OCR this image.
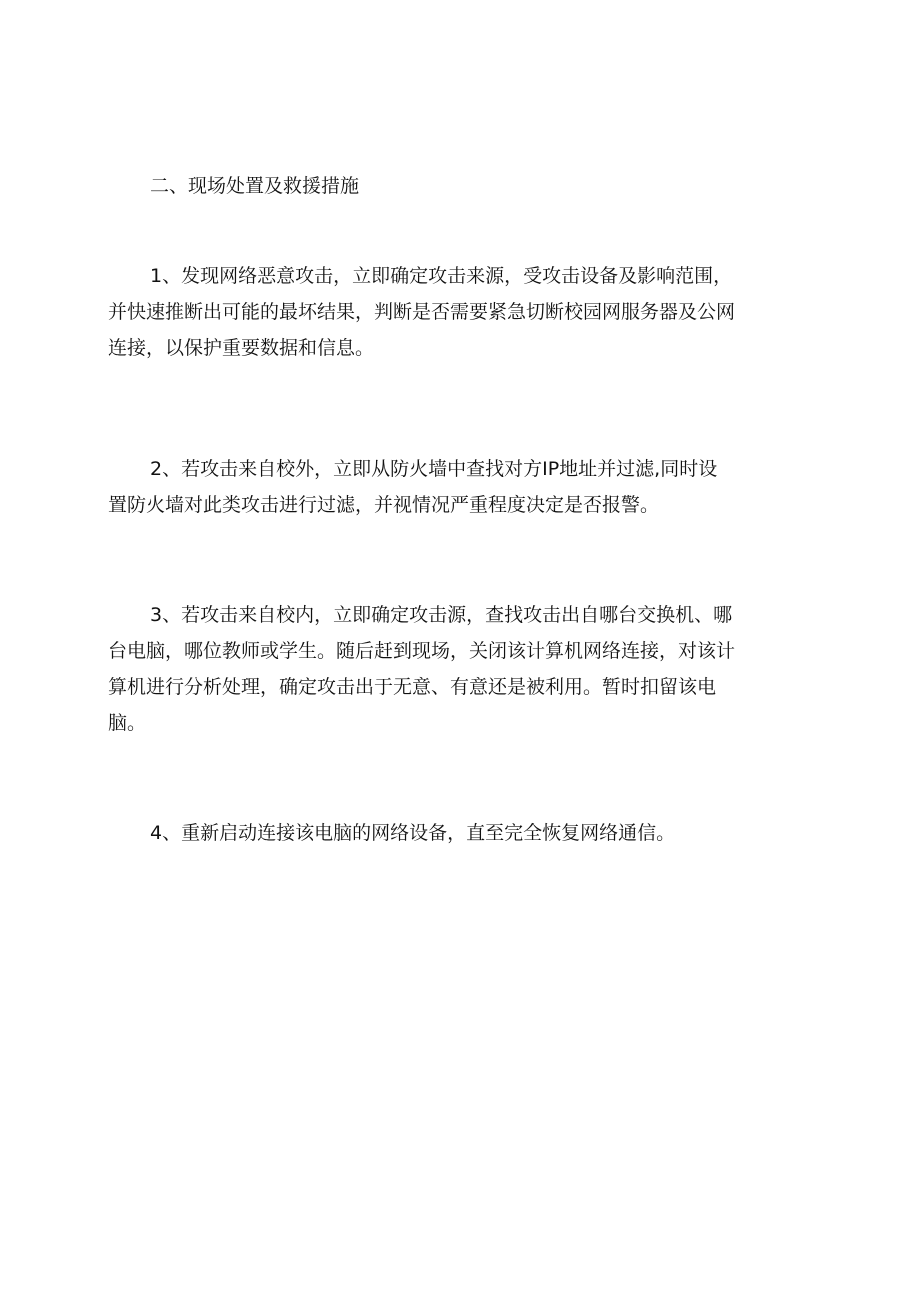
二、现场处置及救援措施
1、发现网络恶意攻击，立即确定攻击来源，受攻击设备及影响范围，
并快速推断出可能的最坏结果，判断是否需要紧急切断校园网服务器及公网
连接，以保护重要数据和信息。
2、若攻击来自校外，立即从防火墙中查找对方IP地址并过滤,同时设
置防火墙对此类攻击进行过滤，并视情况严重程度决定是否报警。
3、若攻击来自校内，立即确定攻击源，查找攻击出自哪台交换机、哪
台电脑，哪位教师或学生。随后赶到现场，关闭该计算机网络连接，对该计
算机进行分析处理，确定攻击出于无意、有意还是被利用。暂时扣留该电
脑。
4、重新启动连接该电脑的网络设备，直至完全恢复网络通信。
